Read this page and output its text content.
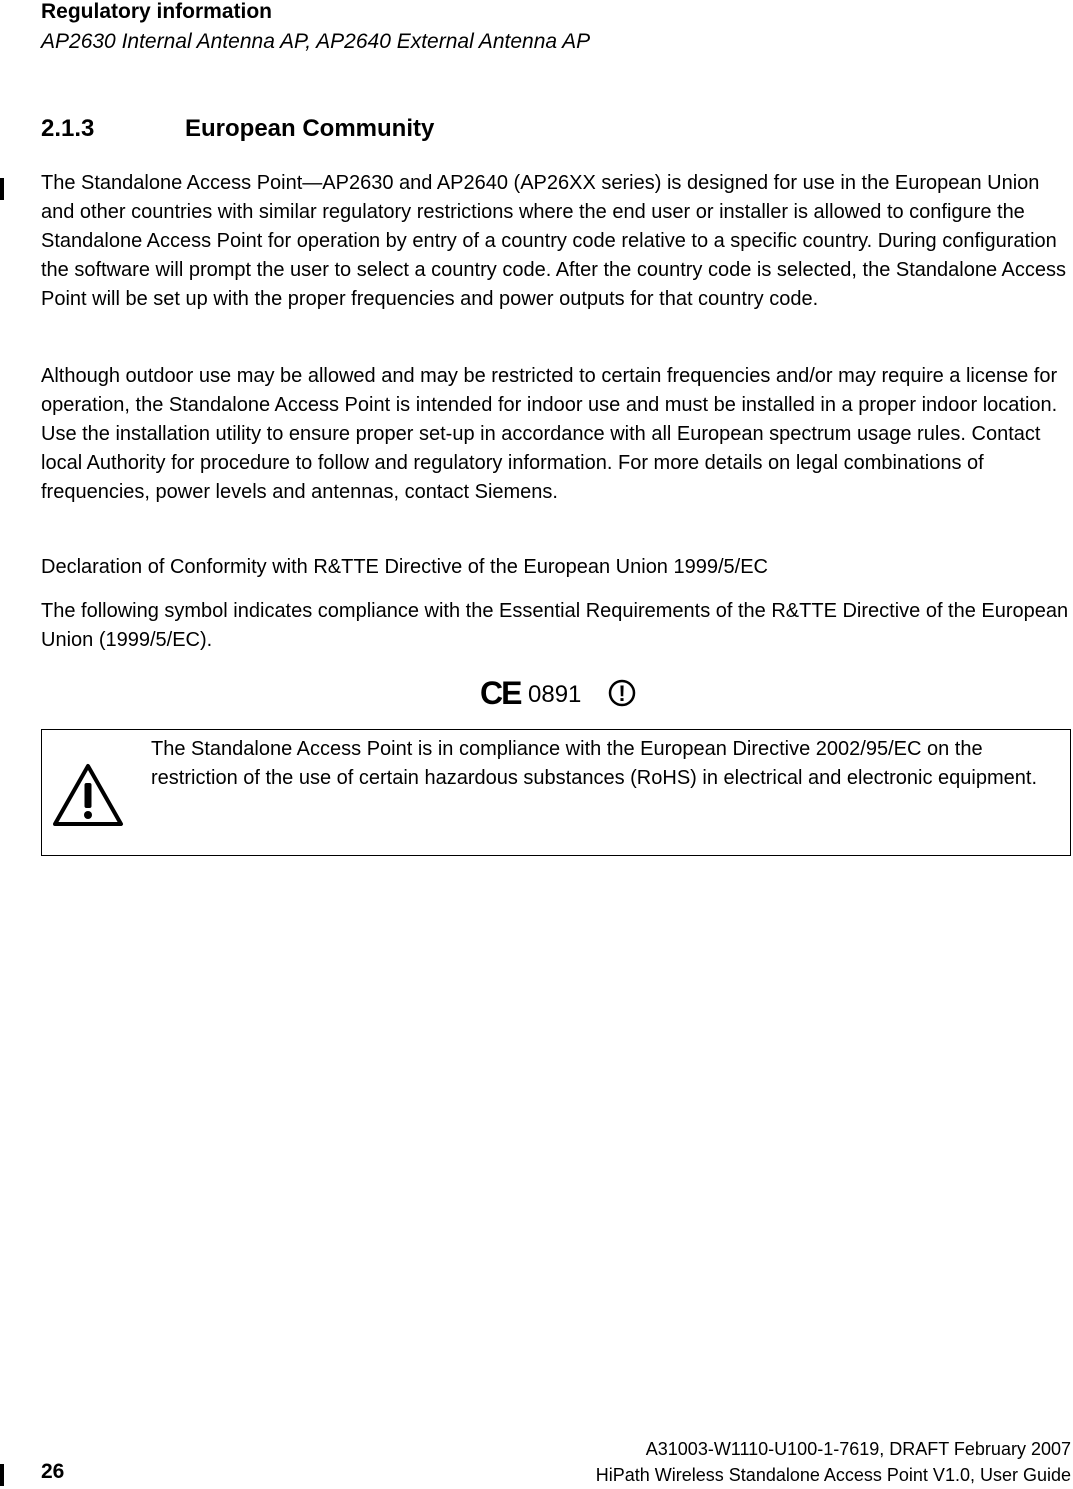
Regulatory information
AP2630 Internal Antenna AP, AP2640 External Antenna AP
2.1.3	European Community

The Standalone Access Point—AP2630 and AP2640 (AP26XX series) is designed for use in the European Union and other countries with similar regulatory restrictions where the end user or installer is allowed to configure the Standalone Access Point for operation by entry of a country code relative to a specific country. During configuration the software will prompt the user to select a country code. After the country code is selected, the Standalone Access Point will be set up with the proper frequencies and power outputs for that country code.

Although outdoor use may be allowed and may be restricted to certain frequencies and/or may require a license for operation, the Standalone Access Point is intended for indoor use and must be installed in a proper indoor location. Use the installation utility to ensure proper set-up in accordance with all European spectrum usage rules. Contact local Authority for procedure to follow and regulatory information. For more details on legal combinations of frequencies, power levels and antennas, contact Siemens.

Declaration of Conformity with R&TTE Directive of the European Union 1999/5/EC

The following symbol indicates compliance with the Essential Requirements of the R&TTE Directive of the European Union (1999/5/EC).

CE 0891 !
The Standalone Access Point is in compliance with the European Directive 2002/95/EC on the restriction of the use of certain hazardous substances (RoHS) in electrical and electronic equipment.
26
A31003-W1110-U100-1-7619, DRAFT February 2007
HiPath Wireless Standalone Access Point V1.0, User Guide
